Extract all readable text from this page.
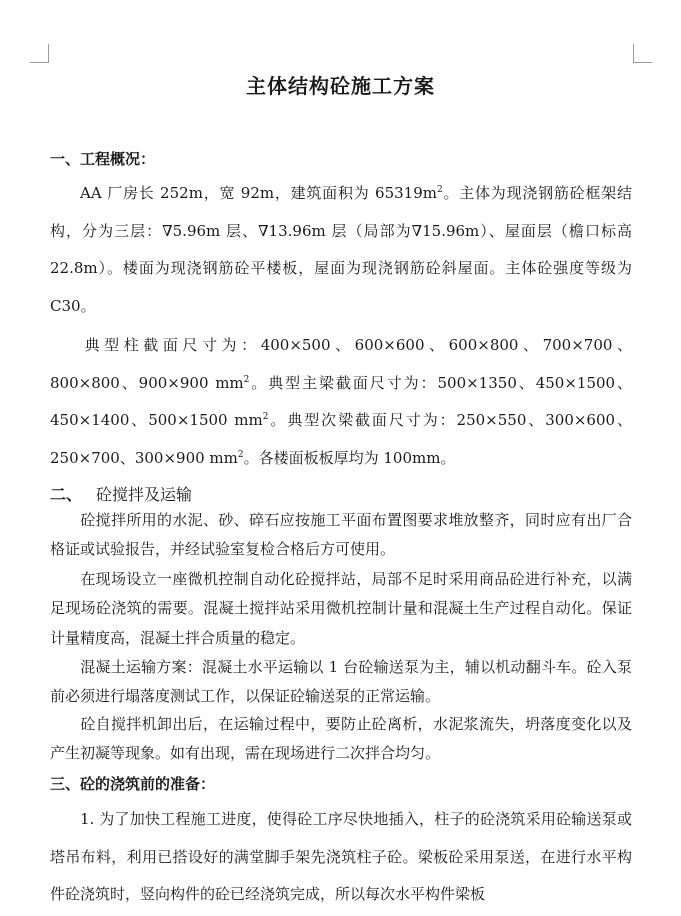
主体结构砼施工方案
一、工程概况：
AA 厂房长 252m，宽 92m，建筑面积为 $65319m^2$。主体为现浇钢筋砼框架结构，分为三层：∇5.96m 层、∇13.96m 层（局部为∇15.96m）、屋面层（檐口标高 22.8m）。楼面为现浇钢筋砼平楼板，屋面为现浇钢筋砼斜屋面。主体砼强度等级为 C30。
典型柱截面尺寸为：400×500、600×600、600×800、700×700、800×800、900×900 $mm^2$。典型主梁截面尺寸为：500×1350、450×1500、450×1400、500×1500 $mm^2$。典型次梁截面尺寸为：250×550、300×600、250×700、300×900 $mm^2$。各楼面板板厚均为 100mm。
二、 砼搅拌及运输
砼搅拌所用的水泥、砂、碎石应按施工平面布置图要求堆放整齐，同时应有出厂合格证或试验报告，并经试验室复检合格后方可使用。
在现场设立一座微机控制自动化砼搅拌站，局部不足时采用商品砼进行补充，以满足现场砼浇筑的需要。混凝土搅拌站采用微机控制计量和混凝土生产过程自动化。保证计量精度高，混凝土拌合质量的稳定。
混凝土运输方案：混凝土水平运输以 1 台砼输送泵为主，辅以机动翻斗车。砼入泵前必须进行塌落度测试工作，以保证砼输送泵的正常运输。
砼自搅拌机卸出后，在运输过程中，要防止砼离析，水泥浆流失，坍落度变化以及产生初凝等现象。如有出现，需在现场进行二次拌合均匀。
三、砼的浇筑前的准备：
1. 为了加快工程施工进度，使得砼工序尽快地插入，柱子的砼浇筑采用砼输送泵或塔吊布料，利用已搭设好的满堂脚手架先浇筑柱子砼。梁板砼采用泵送，在进行水平构件砼浇筑时，竖向构件的砼已经浇筑完成，所以每次水平构件梁板
